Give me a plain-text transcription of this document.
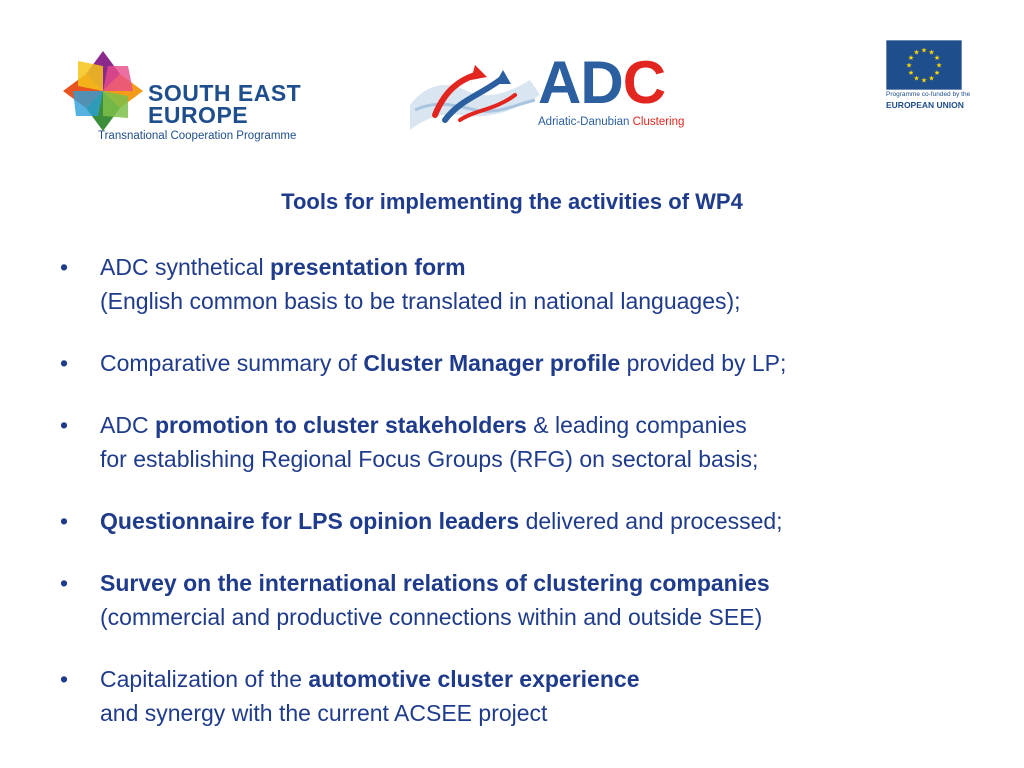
SOUTH EAST
EUROPE
Transnational Cooperation Programme
ADC
Adriatic-Danubian Clustering
★ ★
★
★
★
★
★
★
★
★
★
★
Programme co-funded by the
EUROPEAN UNION
Tools for implementing the activities of WP4
• ADC synthetical presentation form
(English common basis to be translated in national languages);
• Comparative summary of Cluster Manager profile provided by LP;
• ADC promotion to cluster stakeholders & leading companies
for establishing Regional Focus Groups (RFG) on sectoral basis;
• Questionnaire for LPS opinion leaders delivered and processed;
• Survey on the international relations of clustering companies
(commercial and productive connections within and outside SEE)
• Capitalization of the automotive cluster experience
and synergy with the current ACSEE project
